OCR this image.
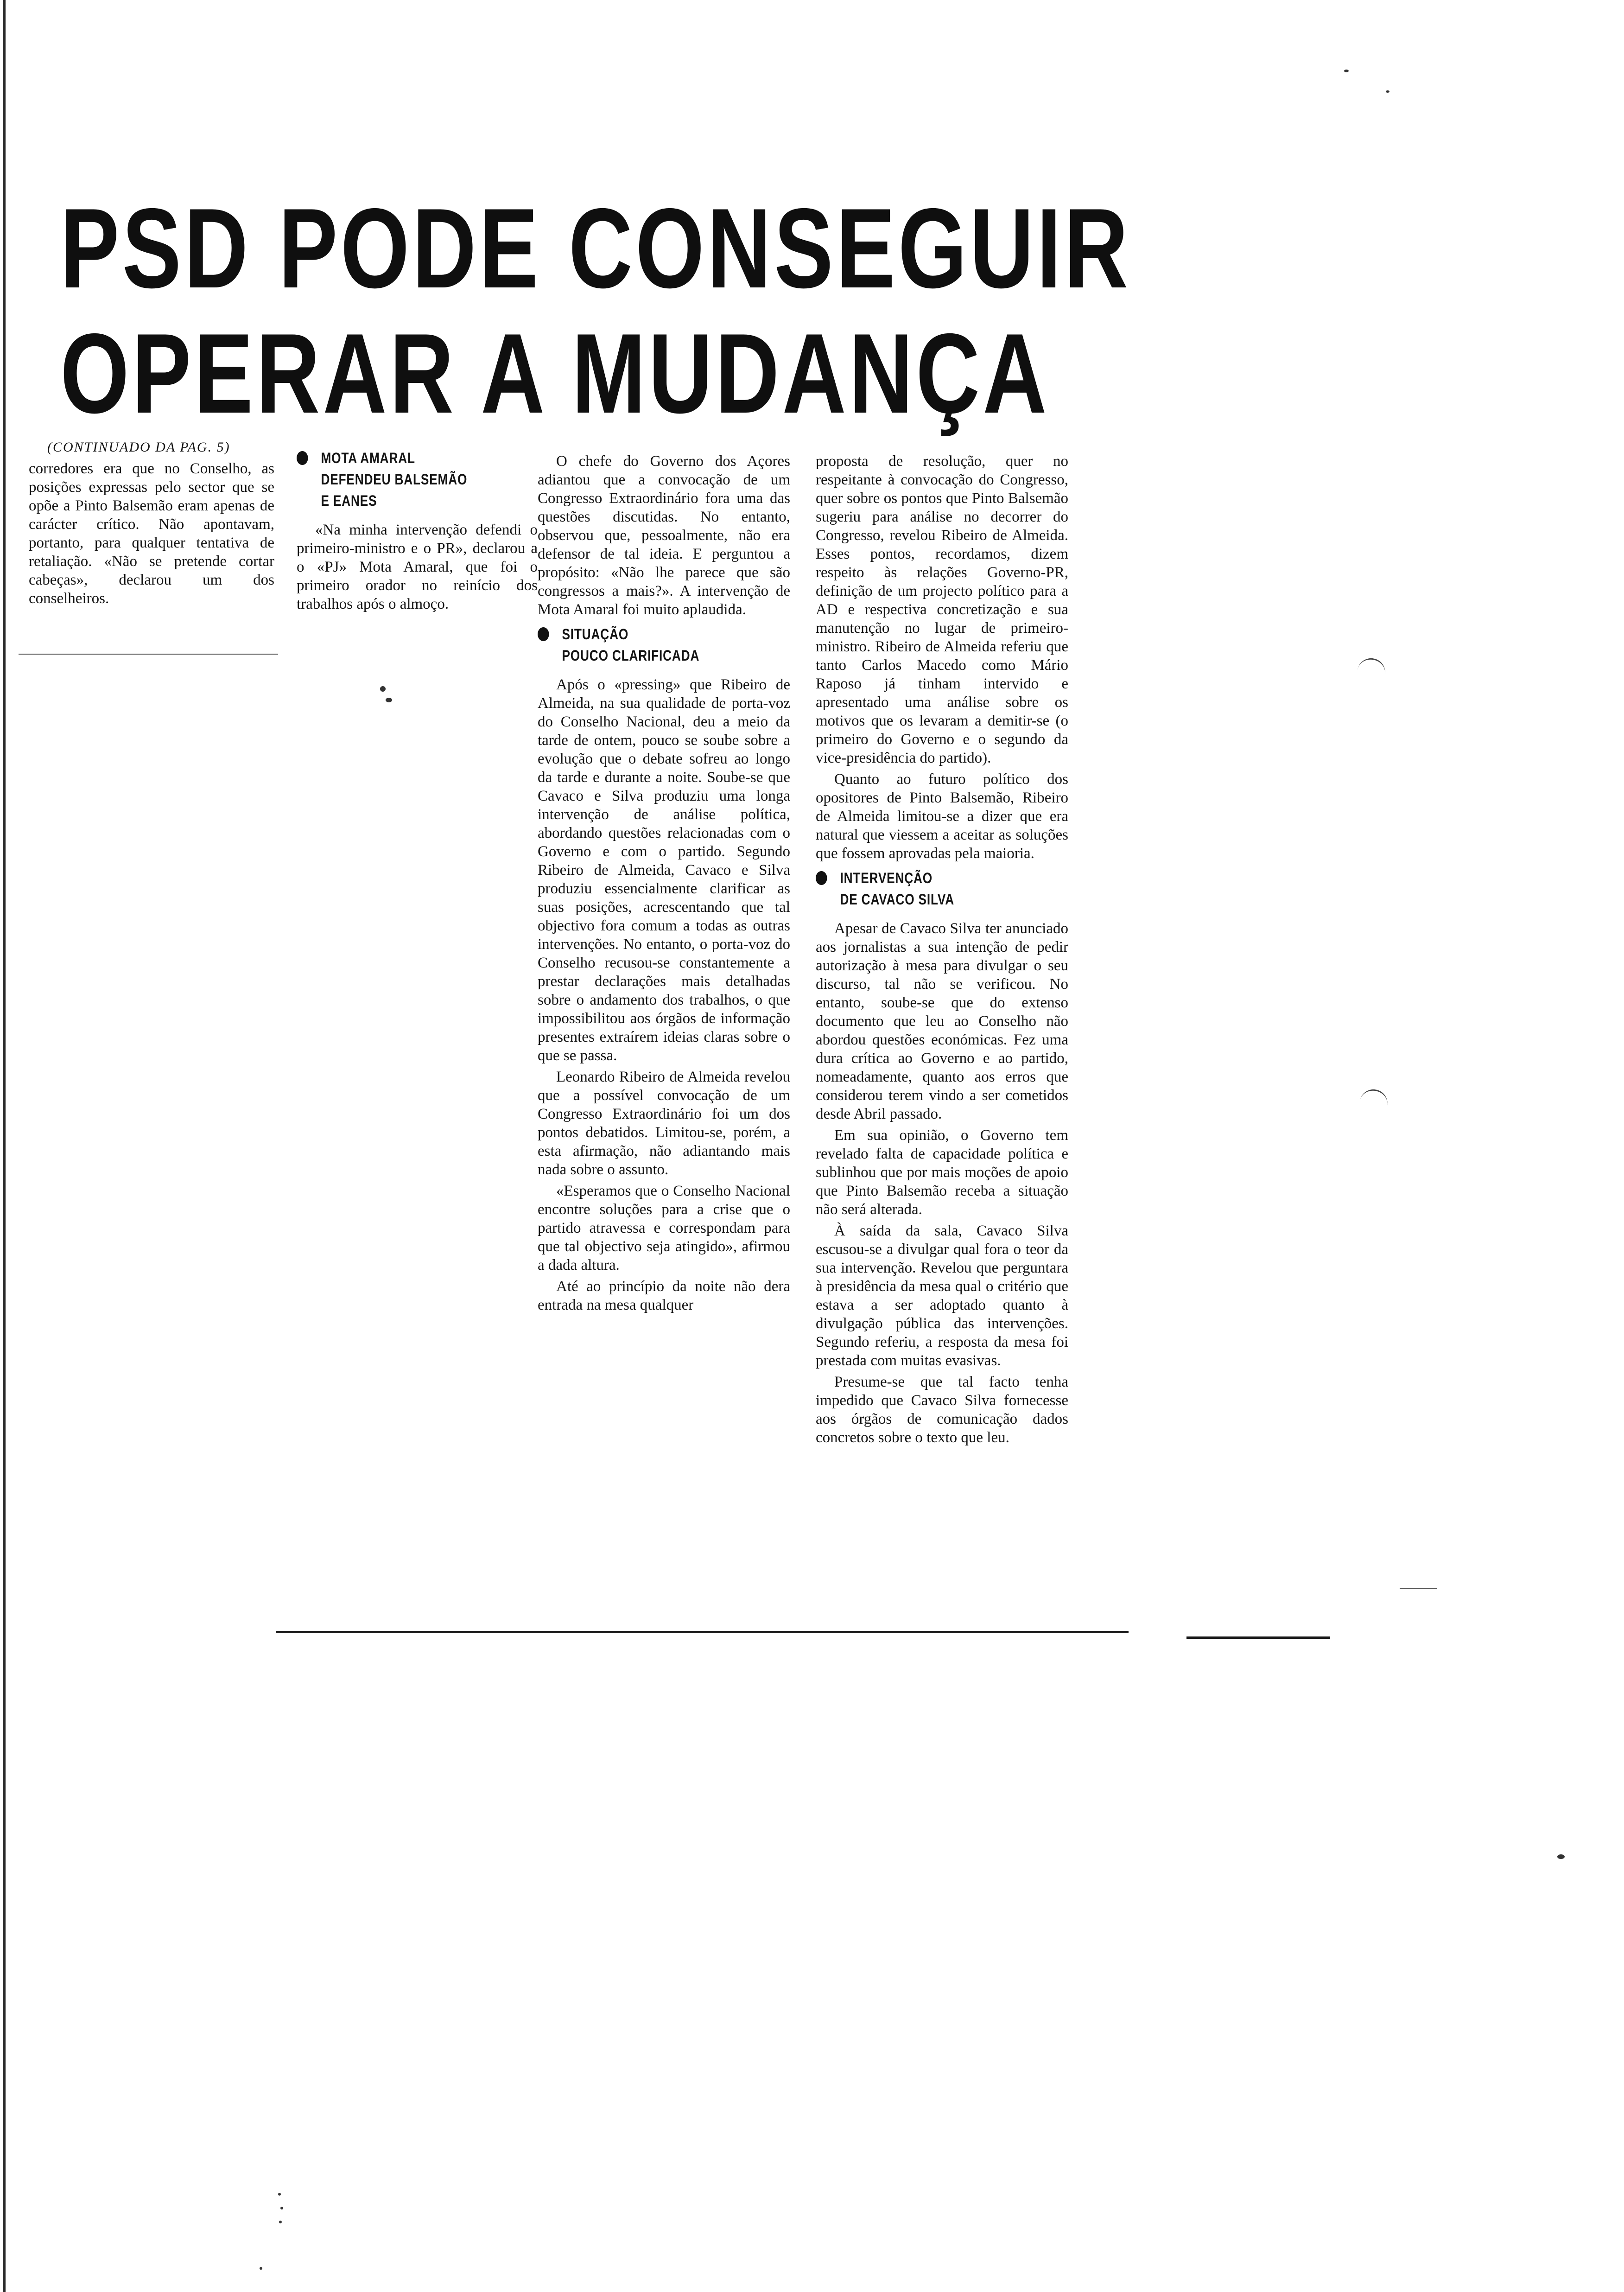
PSD PODE CONSEGUIR
OPERAR A MUDANÇA

(CONTINUADO DA PAG. 5)

corredores era que no Conselho, as posições expressas pelo sector que se opõe a Pinto Balsemão eram apenas de carácter crítico. Não apontavam, portanto, para qualquer tentativa de retaliação. «Não se pretende cortar cabeças», declarou um dos conselheiros.

MOTA AMARAL
DEFENDEU BALSEMÃO
E EANES

«Na minha intervenção defendi o primeiro-ministro e o PR», declarou a o «PJ» Mota Amaral, que foi o primeiro orador no reinício dos trabalhos após o almoço.

O chefe do Governo dos Açores adiantou que a convocação de um Congresso Extraordinário fora uma das questões discutidas. No entanto, observou que, pessoalmente, não era defensor de tal ideia. E perguntou a propósito: «Não lhe parece que são congressos a mais?». A intervenção de Mota Amaral foi muito aplaudida.

SITUAÇÃO
POUCO CLARIFICADA

Após o «pressing» que Ribeiro de Almeida, na sua qualidade de porta-voz do Conselho Nacional, deu a meio da tarde de ontem, pouco se soube sobre a evolução que o debate sofreu ao longo da tarde e durante a noite. Soube-se que Cavaco e Silva produziu uma longa intervenção de análise política, abordando questões relacionadas com o Governo e com o partido. Segundo Ribeiro de Almeida, Cavaco e Silva produziu essencialmente clarificar as suas posições, acrescentando que tal objectivo fora comum a todas as outras intervenções. No entanto, o porta-voz do Conselho recusou-se constantemente a prestar declarações mais detalhadas sobre o andamento dos trabalhos, o que impossibilitou aos órgãos de informação presentes extraírem ideias claras sobre o que se passa.

Leonardo Ribeiro de Almeida revelou que a possível convocação de um Congresso Extraordinário foi um dos pontos debatidos. Limitou-se, porém, a esta afirmação, não adiantando mais nada sobre o assunto.

«Esperamos que o Conselho Nacional encontre soluções para a crise que o partido atravessa e correspondam para que tal objectivo seja atingido», afirmou a dada altura.

Até ao princípio da noite não dera entrada na mesa qualquer

proposta de resolução, quer no respeitante à convocação do Congresso, quer sobre os pontos que Pinto Balsemão sugeriu para análise no decorrer do Congresso, revelou Ribeiro de Almeida. Esses pontos, recordamos, dizem respeito às relações Governo-PR, definição de um projecto político para a AD e respectiva concretização e sua manutenção no lugar de primeiro-ministro. Ribeiro de Almeida referiu que tanto Carlos Macedo como Mário Raposo já tinham intervido e apresentado uma análise sobre os motivos que os levaram a demitir-se (o primeiro do Governo e o segundo da vice-presidência do partido).

Quanto ao futuro político dos opositores de Pinto Balsemão, Ribeiro de Almeida limitou-se a dizer que era natural que viessem a aceitar as soluções que fossem aprovadas pela maioria.

INTERVENÇÃO
DE CAVACO SILVA

Apesar de Cavaco Silva ter anunciado aos jornalistas a sua intenção de pedir autorização à mesa para divulgar o seu discurso, tal não se verificou. No entanto, soube-se que do extenso documento que leu ao Conselho não abordou questões económicas. Fez uma dura crítica ao Governo e ao partido, nomeadamente, quanto aos erros que considerou terem vindo a ser cometidos desde Abril passado.

Em sua opinião, o Governo tem revelado falta de capacidade política e sublinhou que por mais moções de apoio que Pinto Balsemão receba a situação não será alterada.

À saída da sala, Cavaco Silva escusou-se a divulgar qual fora o teor da sua intervenção. Revelou que perguntara à presidência da mesa qual o critério que estava a ser adoptado quanto à divulgação pública das intervenções. Segundo referiu, a resposta da mesa foi prestada com muitas evasivas.

Presume-se que tal facto tenha impedido que Cavaco Silva fornecesse aos órgãos de comunicação dados concretos sobre o texto que leu.
